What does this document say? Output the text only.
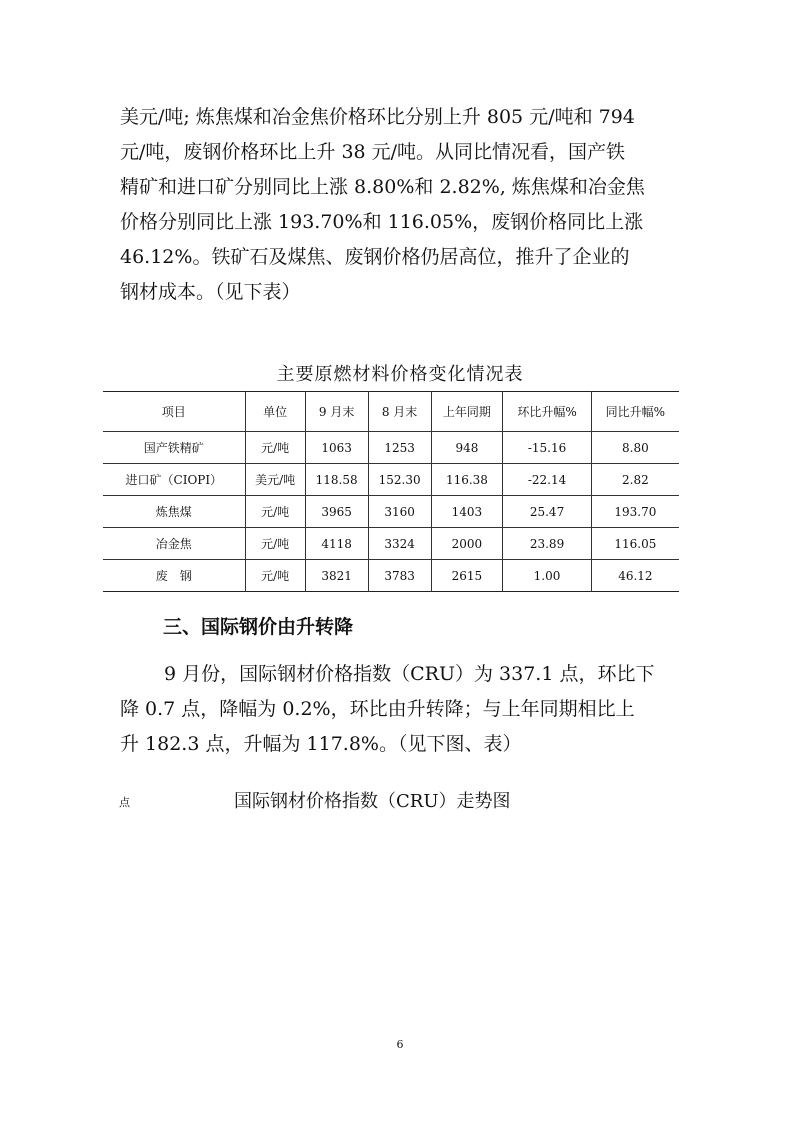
美元/吨; 炼焦煤和冶金焦价格环比分别上升 805 元/吨和 794
元/吨，废钢价格环比上升 38 元/吨。从同比情况看，国产铁
精矿和进口矿分别同比上涨 8.80%和 2.82%, 炼焦煤和冶金焦
价格分别同比上涨 193.70%和 116.05%，废钢价格同比上涨
46.12%。铁矿石及煤焦、废钢价格仍居高位，推升了企业的
钢材成本。（见下表）
主要原燃材料价格变化情况表
项目	单位	9 月末	8 月末	上年同期	环比升幅%	同比升幅%
国产铁精矿	元/吨	1063	1253	948	-15.16	8.80
进口矿（CIOPI）	美元/吨	118.58	152.30	116.38	-22.14	2.82
炼焦煤	元/吨	3965	3160	1403	25.47	193.70
冶金焦	元/吨	4118	3324	2000	23.89	116.05
废　钢	元/吨	3821	3783	2615	1.00	46.12
三、国际钢价由升转降
9 月份，国际钢材价格指数（CRU）为 337.1 点，环比下
降 0.7 点，降幅为 0.2%，环比由升转降；与上年同期相比上
升 182.3 点，升幅为 117.8%。（见下图、表）
点	国际钢材价格指数（CRU）走势图
6
